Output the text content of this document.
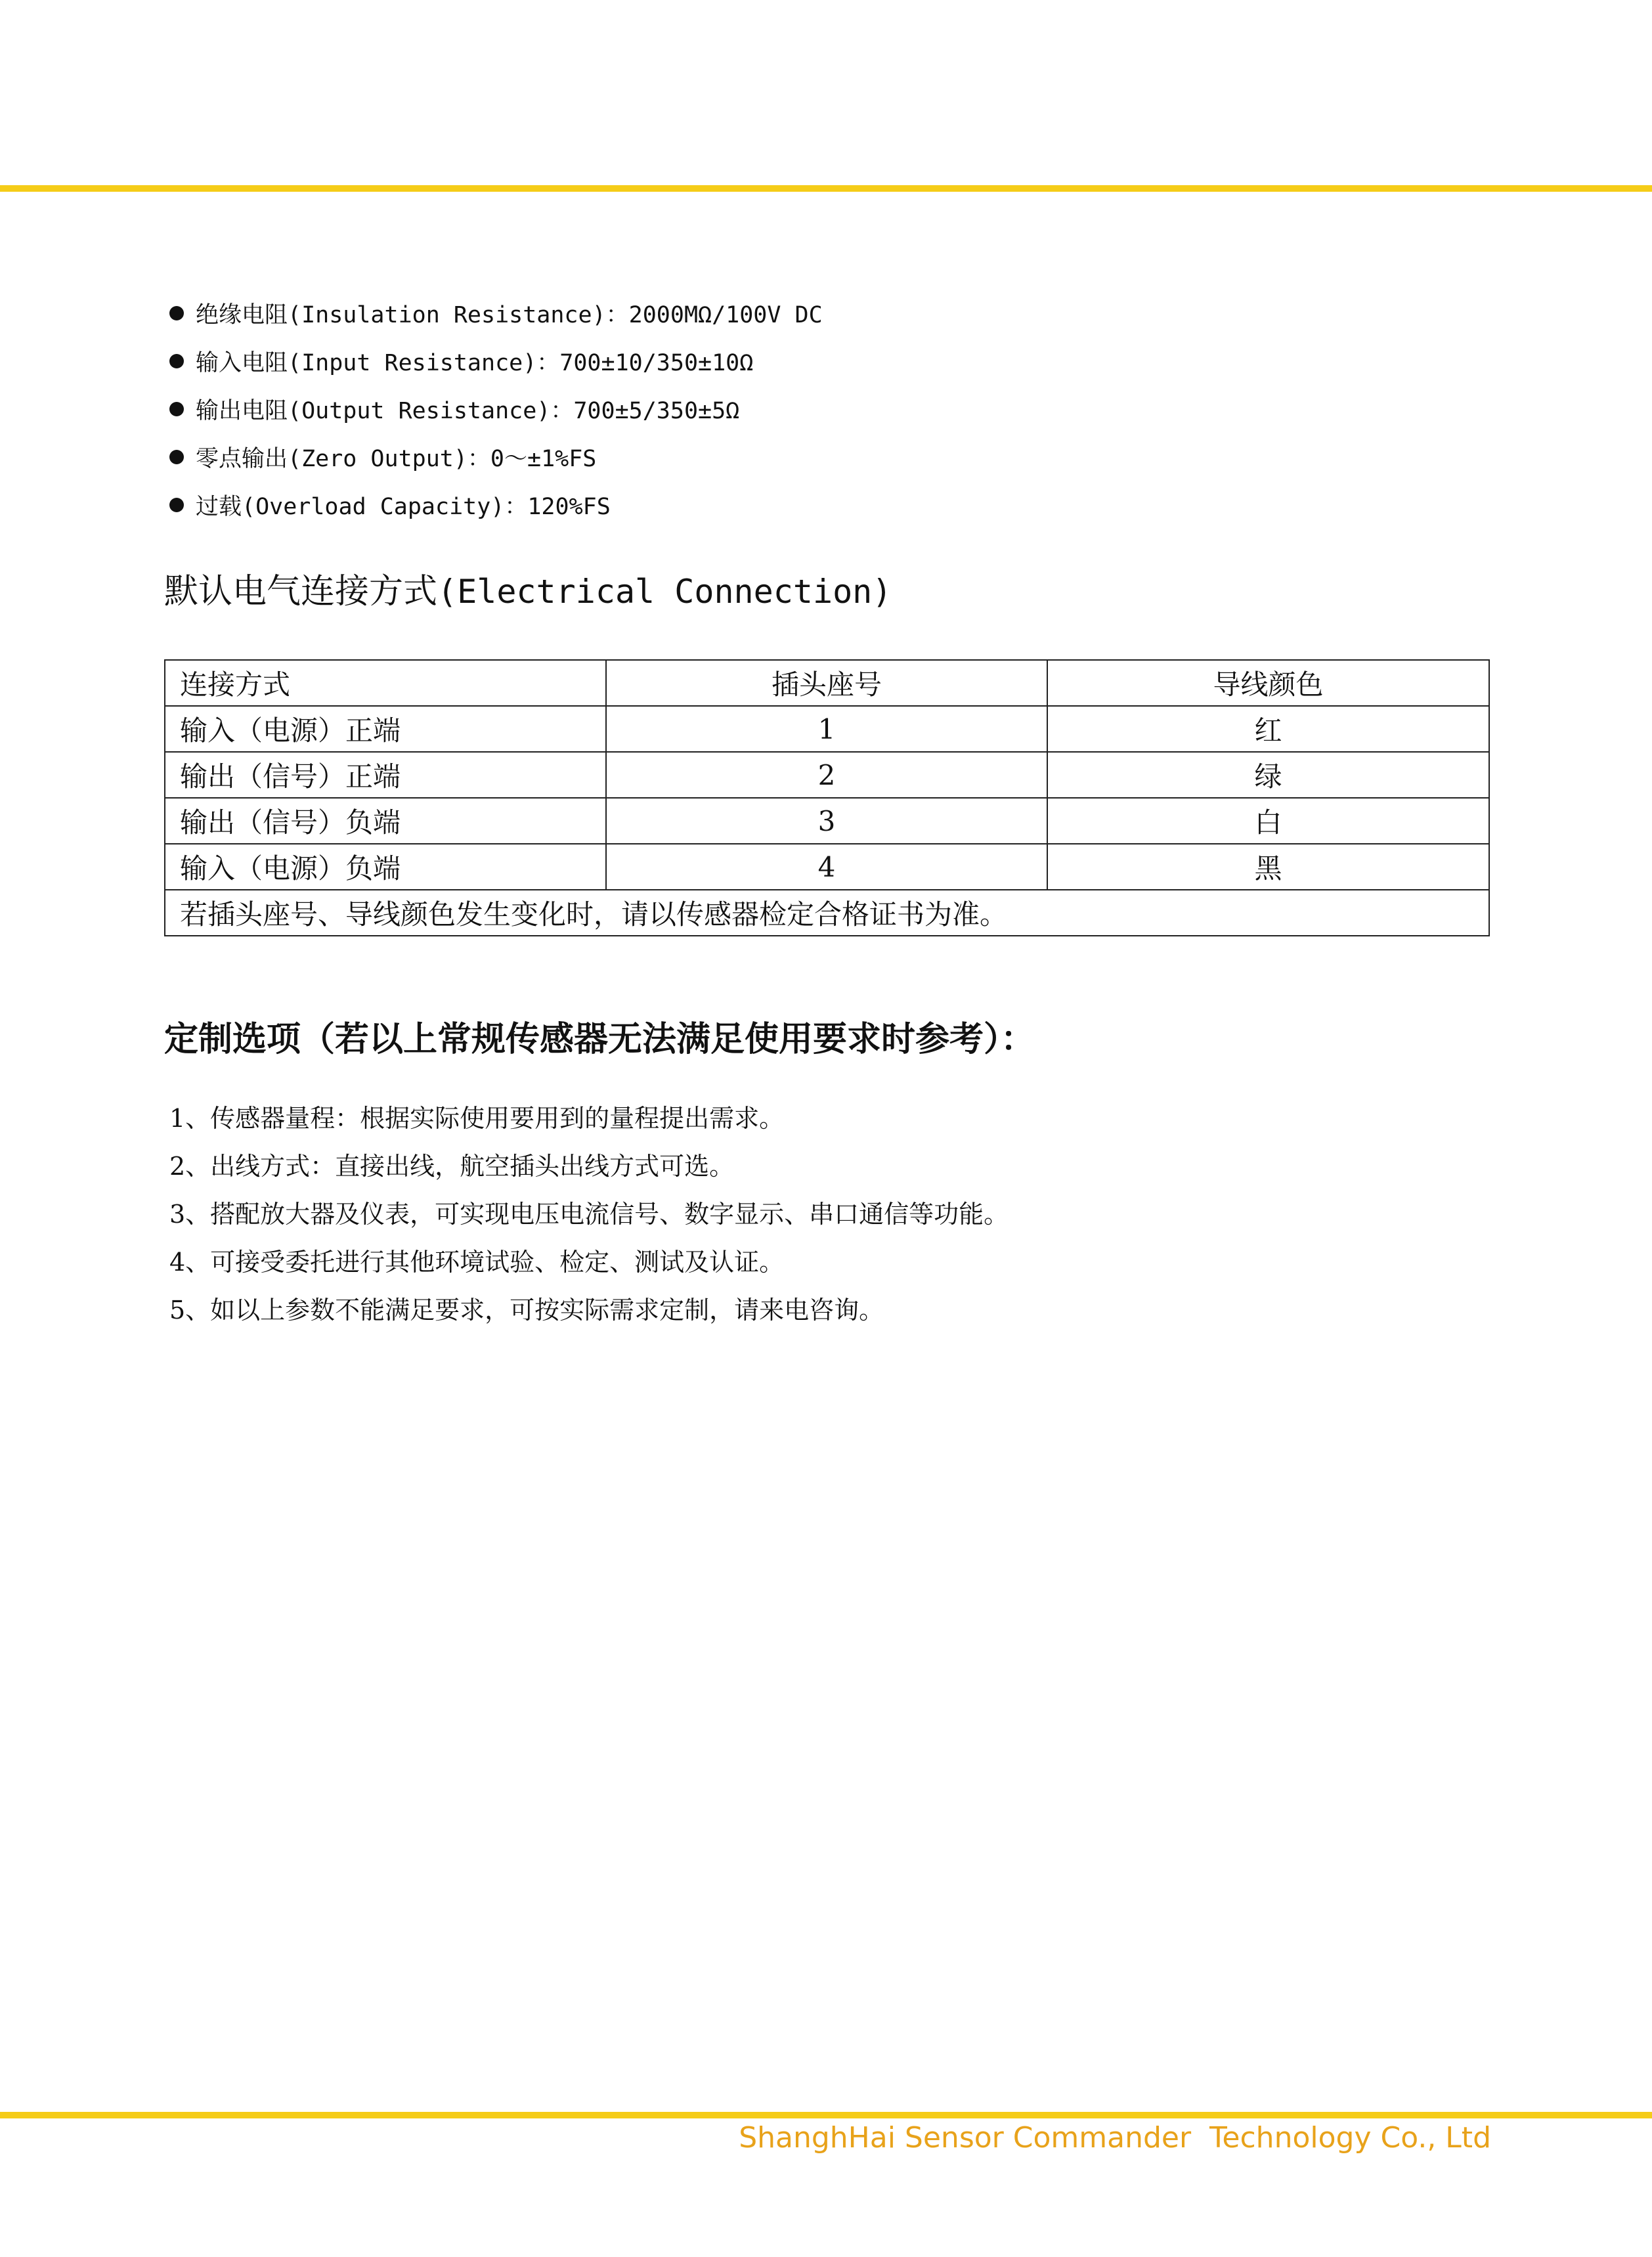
绝缘电阻(Insulation Resistance)：2000MΩ/100V DC
输入电阻(Input Resistance)：700±10/350±10Ω
输出电阻(Output Resistance)：700±5/350±5Ω
零点输出(Zero Output)：0～±1%FS
过载(Overload Capacity)：120%FS
默认电气连接方式(Electrical Connection)
连接方式	插头座号	导线颜色
输入（电源）正端	1	红
输出（信号）正端	2	绿
输出（信号）负端	3	白
输入（电源）负端	4	黑
若插头座号、导线颜色发生变化时，请以传感器检定合格证书为准。		
定制选项（若以上常规传感器无法满足使用要求时参考）：
1、传感器量程：根据实际使用要用到的量程提出需求。
2、出线方式：直接出线，航空插头出线方式可选。
3、搭配放大器及仪表，可实现电压电流信号、数字显示、串口通信等功能。
4、可接受委托进行其他环境试验、检定、测试及认证。
5、如以上参数不能满足要求，可按实际需求定制，请来电咨询。
ShanghHai Sensor Commander  Technology Co., Ltd
